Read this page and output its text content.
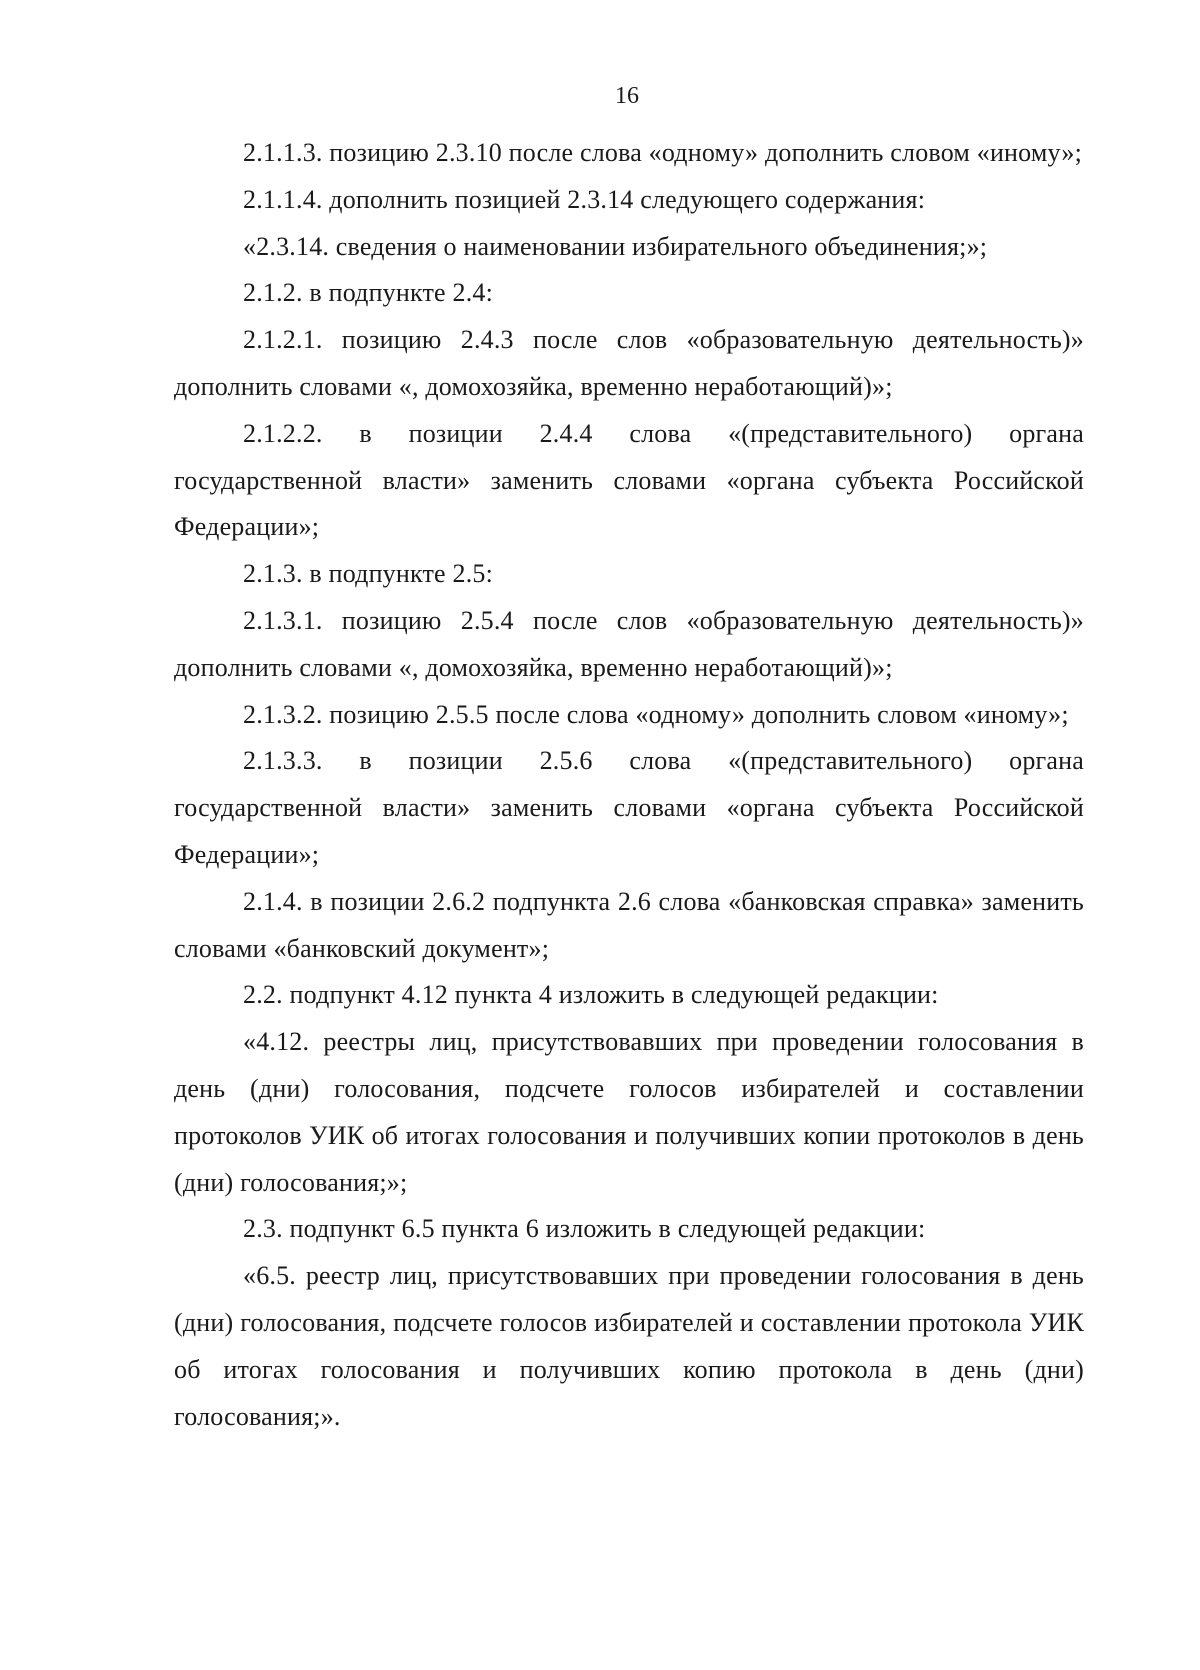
16

2.1.1.3. позицию 2.3.10 после слова «одному» дополнить словом «иному»;

2.1.1.4. дополнить позицией 2.3.14 следующего содержания:

«2.3.14. сведения о наименовании избирательного объединения;»;

2.1.2. в подпункте 2.4:

2.1.2.1. позицию 2.4.3 после слов «образовательную деятельность)» дополнить словами «, домохозяйка, временно неработающий)»;

2.1.2.2. в позиции 2.4.4 слова «(представительного) органа государственной власти» заменить словами «органа субъекта Российской Федерации»;

2.1.3. в подпункте 2.5:

2.1.3.1. позицию 2.5.4 после слов «образовательную деятельность)» дополнить словами «, домохозяйка, временно неработающий)»;

2.1.3.2. позицию 2.5.5 после слова «одному» дополнить словом «иному»;

2.1.3.3. в позиции 2.5.6 слова «(представительного) органа государственной власти» заменить словами «органа субъекта Российской Федерации»;

2.1.4. в позиции 2.6.2 подпункта 2.6 слова «банковская справка» заменить словами «банковский документ»;

2.2. подпункт 4.12 пункта 4 изложить в следующей редакции:

«4.12. реестры лиц, присутствовавших при проведении голосования в день (дни) голосования, подсчете голосов избирателей и составлении протоколов УИК об итогах голосования и получивших копии протоколов в день (дни) голосования;»;

2.3. подпункт 6.5 пункта 6 изложить в следующей редакции:

«6.5. реестр лиц, присутствовавших при проведении голосования в день (дни) голосования, подсчете голосов избирателей и составлении протокола УИК об итогах голосования и получивших копию протокола в день (дни) голосования;».
